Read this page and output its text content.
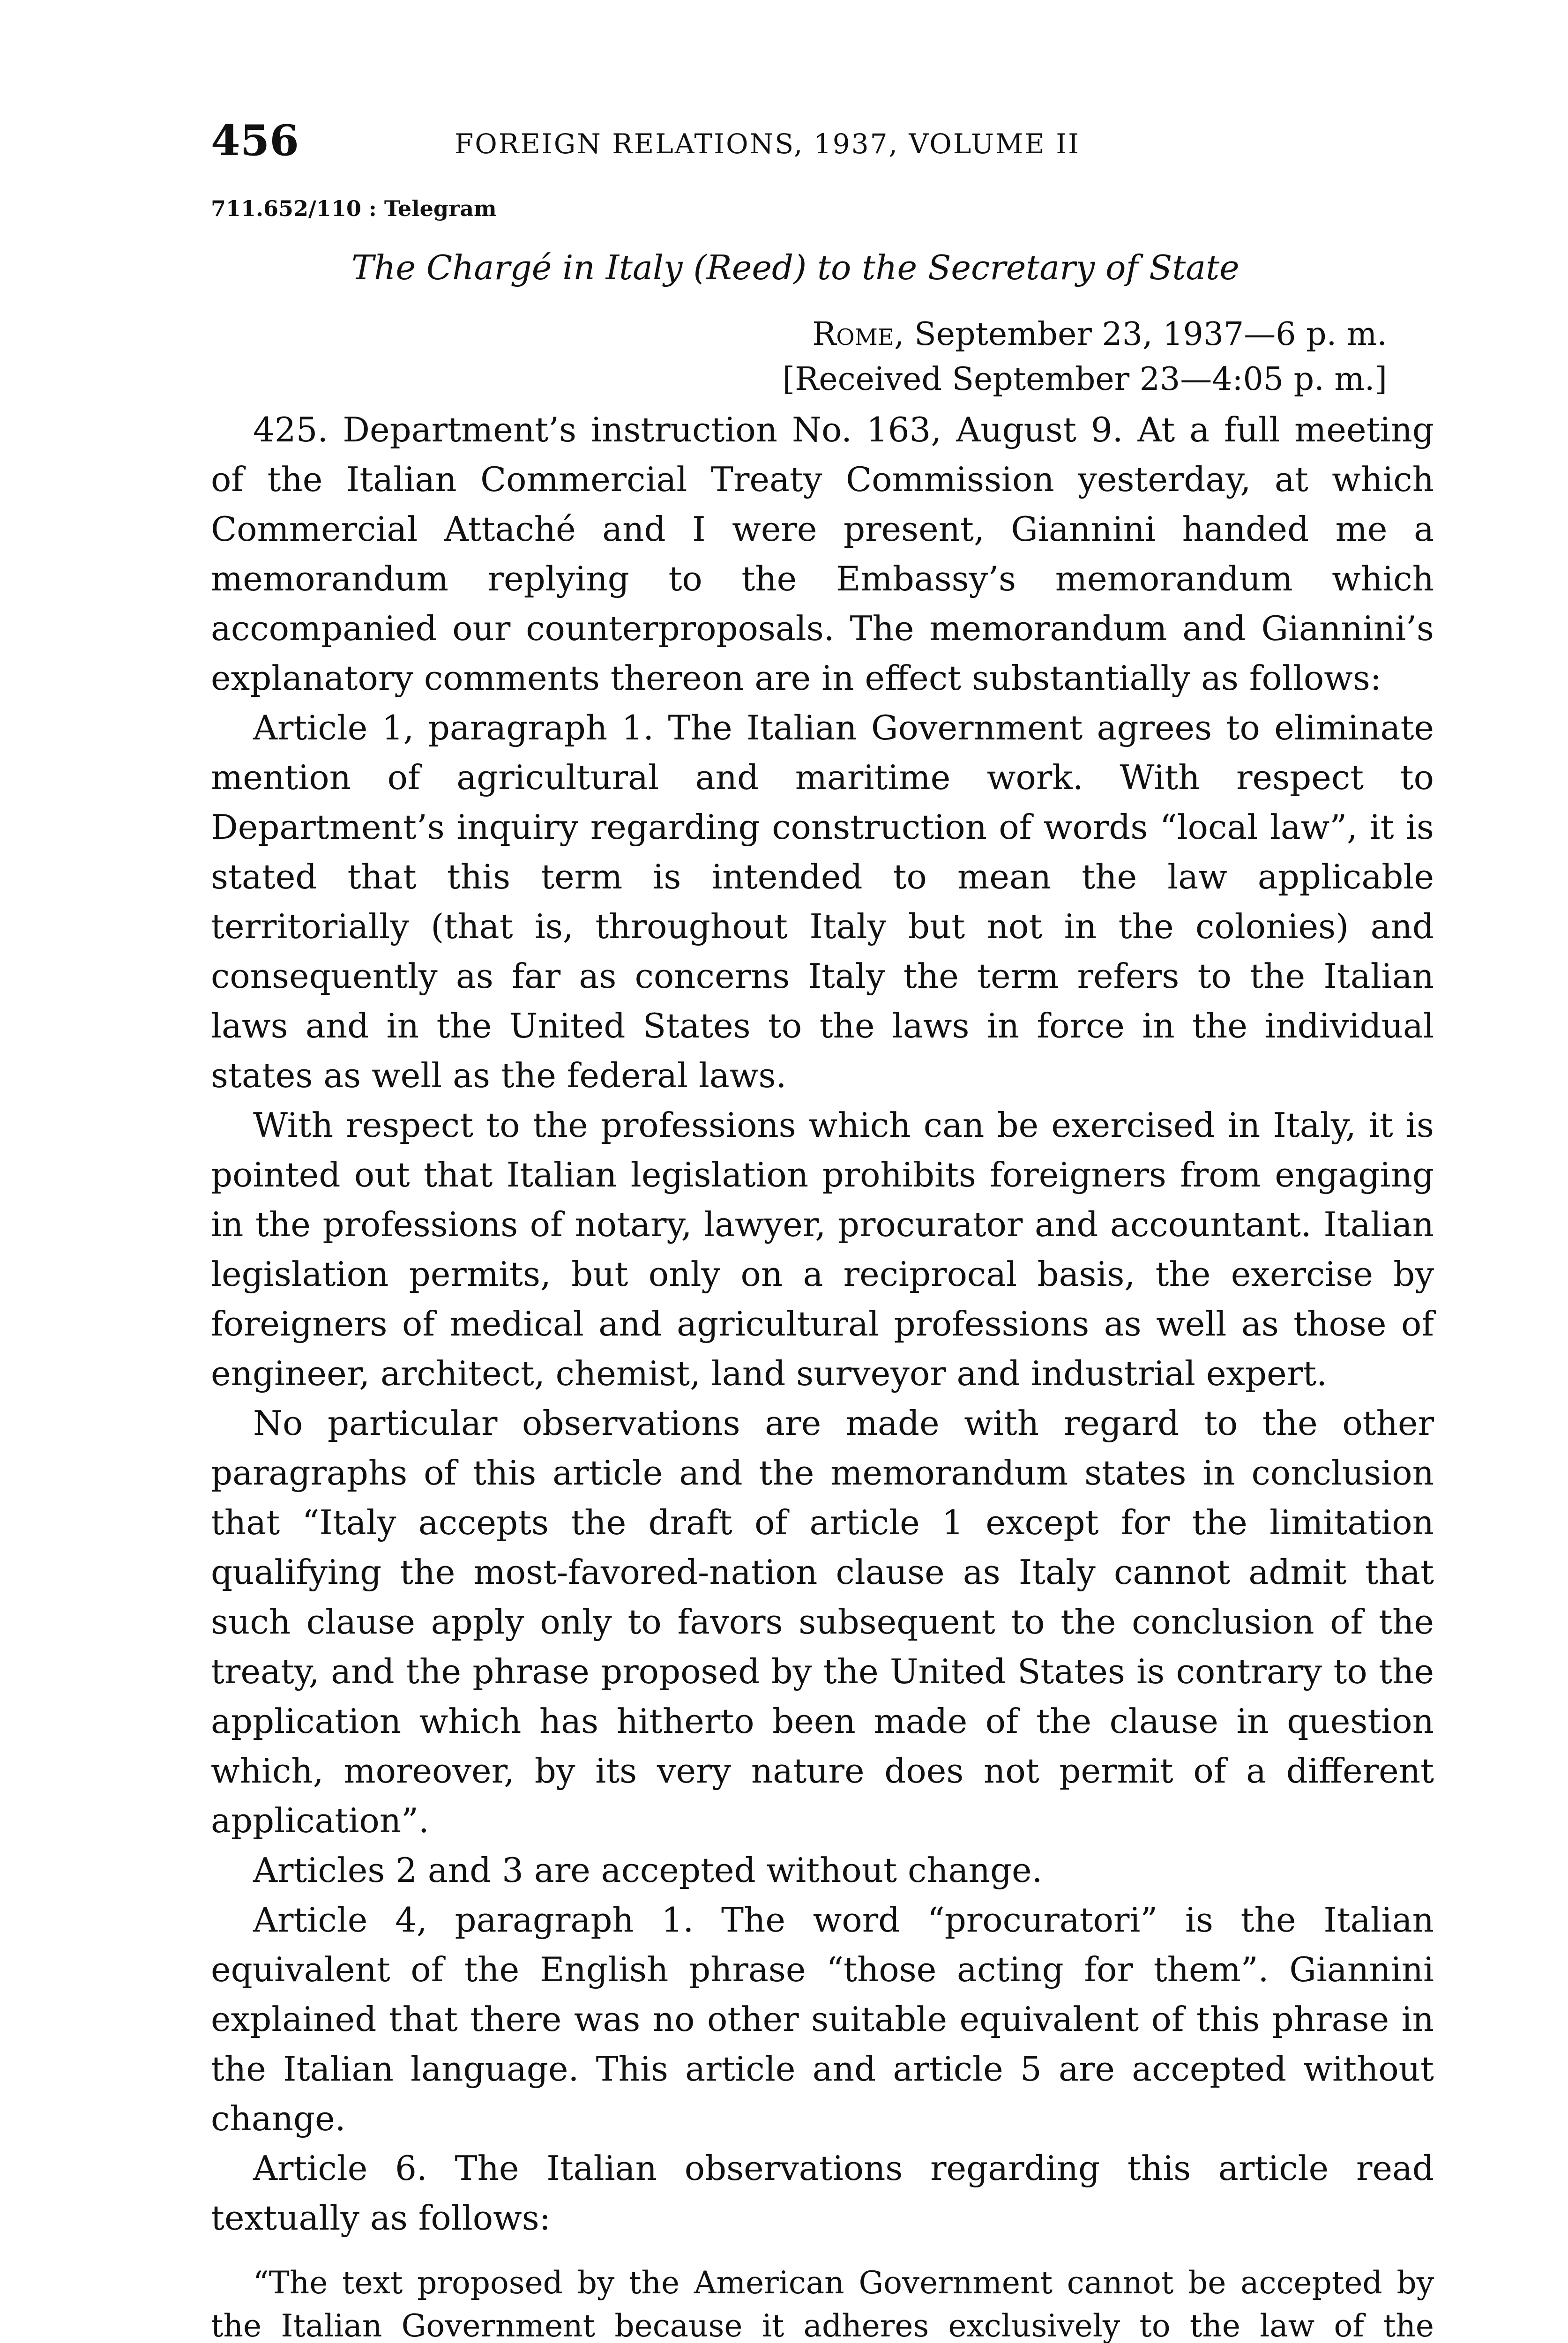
456	FOREIGN RELATIONS, 1937, VOLUME II
711.652/110 : Telegram
The Chargé in Italy (Reed) to the Secretary of State
Rome, September 23, 1937—6 p. m.
[Received September 23—4:05 p. m.]

425. Department’s instruction No. 163, August 9. At a full meeting of the Italian Commercial Treaty Commission yesterday, at which Commercial Attaché and I were present, Giannini handed me a memorandum replying to the Embassy’s memorandum which accompanied our counterproposals. The memorandum and Giannini’s explanatory comments thereon are in effect substantially as follows:

Article 1, paragraph 1. The Italian Government agrees to eliminate mention of agricultural and maritime work. With respect to Department’s inquiry regarding construction of words “local law”, it is stated that this term is intended to mean the law applicable territorially (that is, throughout Italy but not in the colonies) and consequently as far as concerns Italy the term refers to the Italian laws and in the United States to the laws in force in the individual states as well as the federal laws.

With respect to the professions which can be exercised in Italy, it is pointed out that Italian legislation prohibits foreigners from engaging in the professions of notary, lawyer, procurator and accountant. Italian legislation permits, but only on a reciprocal basis, the exercise by foreigners of medical and agricultural professions as well as those of engineer, architect, chemist, land surveyor and industrial expert.

No particular observations are made with regard to the other paragraphs of this article and the memorandum states in conclusion that “Italy accepts the draft of article 1 except for the limitation qualifying the most-favored-nation clause as Italy cannot admit that such clause apply only to favors subsequent to the conclusion of the treaty, and the phrase proposed by the United States is contrary to the application which has hitherto been made of the clause in question which, moreover, by its very nature does not permit of a different application”.

Articles 2 and 3 are accepted without change.

Article 4, paragraph 1. The word “procuratori” is the Italian equivalent of the English phrase “those acting for them”. Giannini explained that there was no other suitable equivalent of this phrase in the Italian language. This article and article 5 are accepted without change.

Article 6. The Italian observations regarding this article read textually as follows:

“The text proposed by the American Government cannot be accepted by the Italian Government because it adheres exclusively to the law of the
